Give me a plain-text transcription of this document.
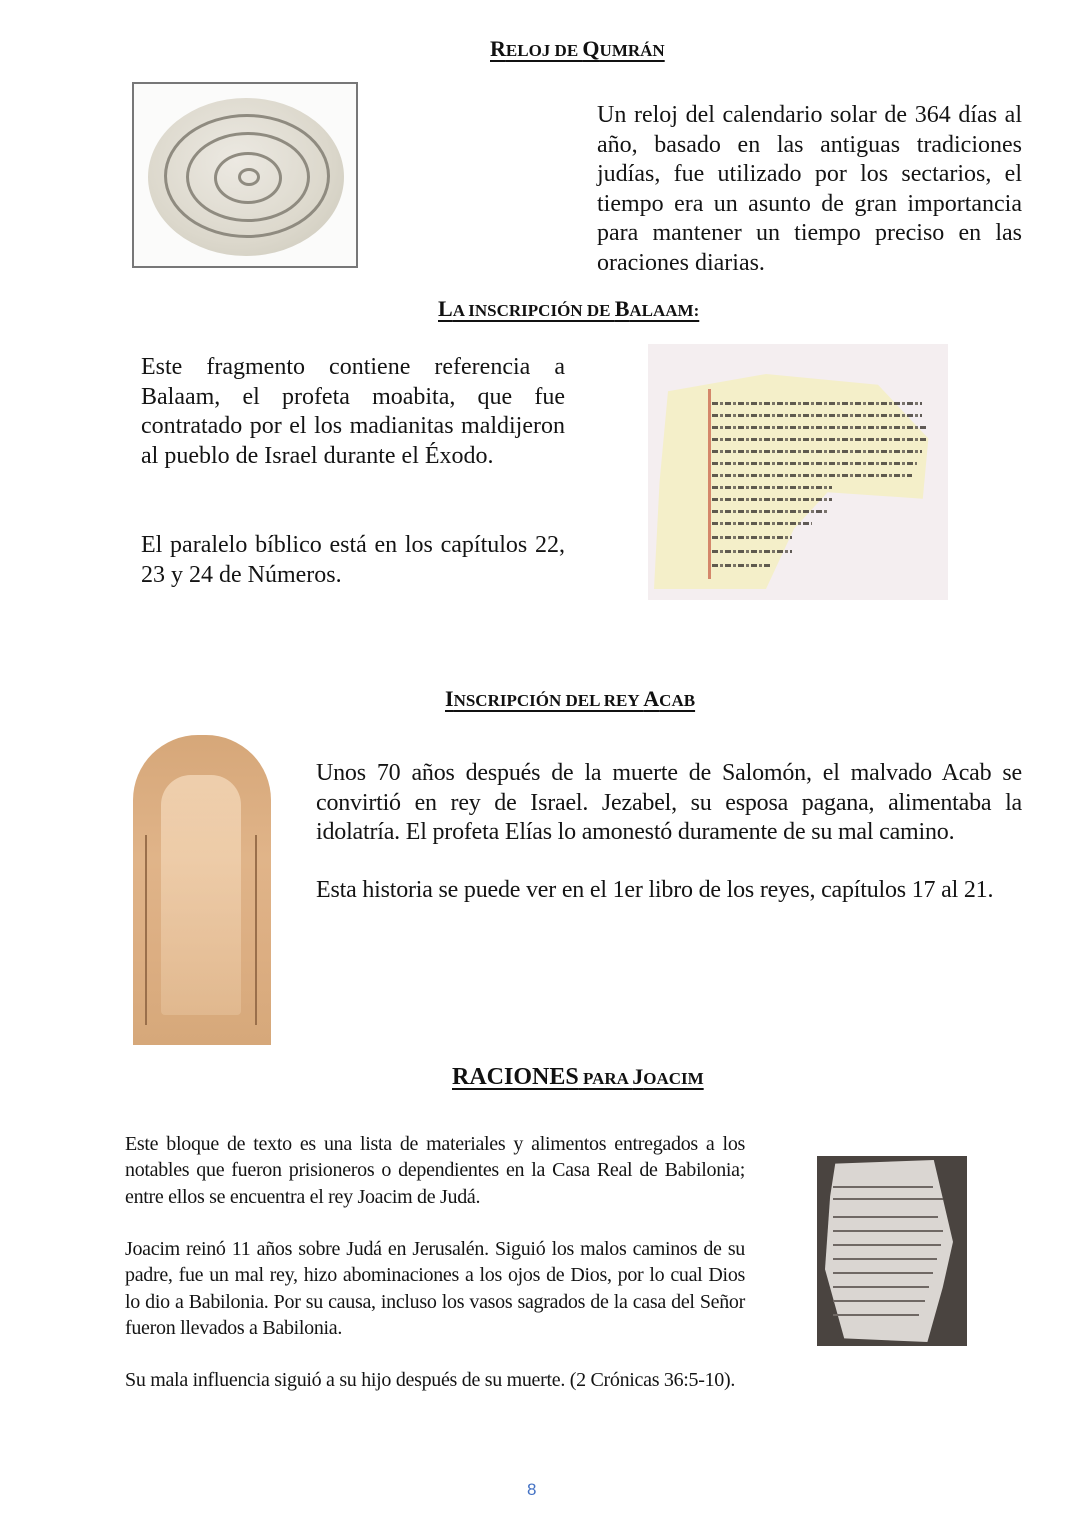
RELOJ DE QUMRÁN

Un reloj del calendario solar de 364 días al año, basado en las antiguas tradiciones judías, fue utilizado por los sectarios, el tiempo era un asunto de gran importancia para mantener un tiempo preciso en las oraciones diarias.

LA INSCRIPCIÓN DE BALAAM:

Este fragmento contiene referencia a Balaam, el profeta moabita, que fue contratado por el los madianitas maldijeron al pueblo de Israel durante el Éxodo.

El paralelo bíblico está en los capítulos 22, 23 y 24 de Números.

INSCRIPCIÓN DEL REY ACAB

Unos 70 años después de la muerte de Salomón, el malvado Acab se convirtió en rey de Israel. Jezabel, su esposa pagana, alimentaba la idolatría. El profeta Elías lo amonestó duramente de su mal camino.

Esta historia se puede ver en el 1er libro de los reyes, capítulos 17 al 21.

RACIONES PARA JOACIM

Este bloque de texto es una lista de materiales y alimentos entregados a los notables que fueron prisioneros o dependientes en la Casa Real de Babilonia; entre ellos se encuentra el rey Joacim de Judá.

Joacim reinó 11 años sobre Judá en Jerusalén. Siguió los malos caminos de su padre, fue un mal rey, hizo abominaciones a los ojos de Dios, por lo cual Dios lo dio a Babilonia. Por su causa, incluso los vasos sagrados de la casa del Señor fueron llevados a Babilonia.

Su mala influencia siguió a su hijo después de su muerte. (2 Crónicas 36:5-10).

8
